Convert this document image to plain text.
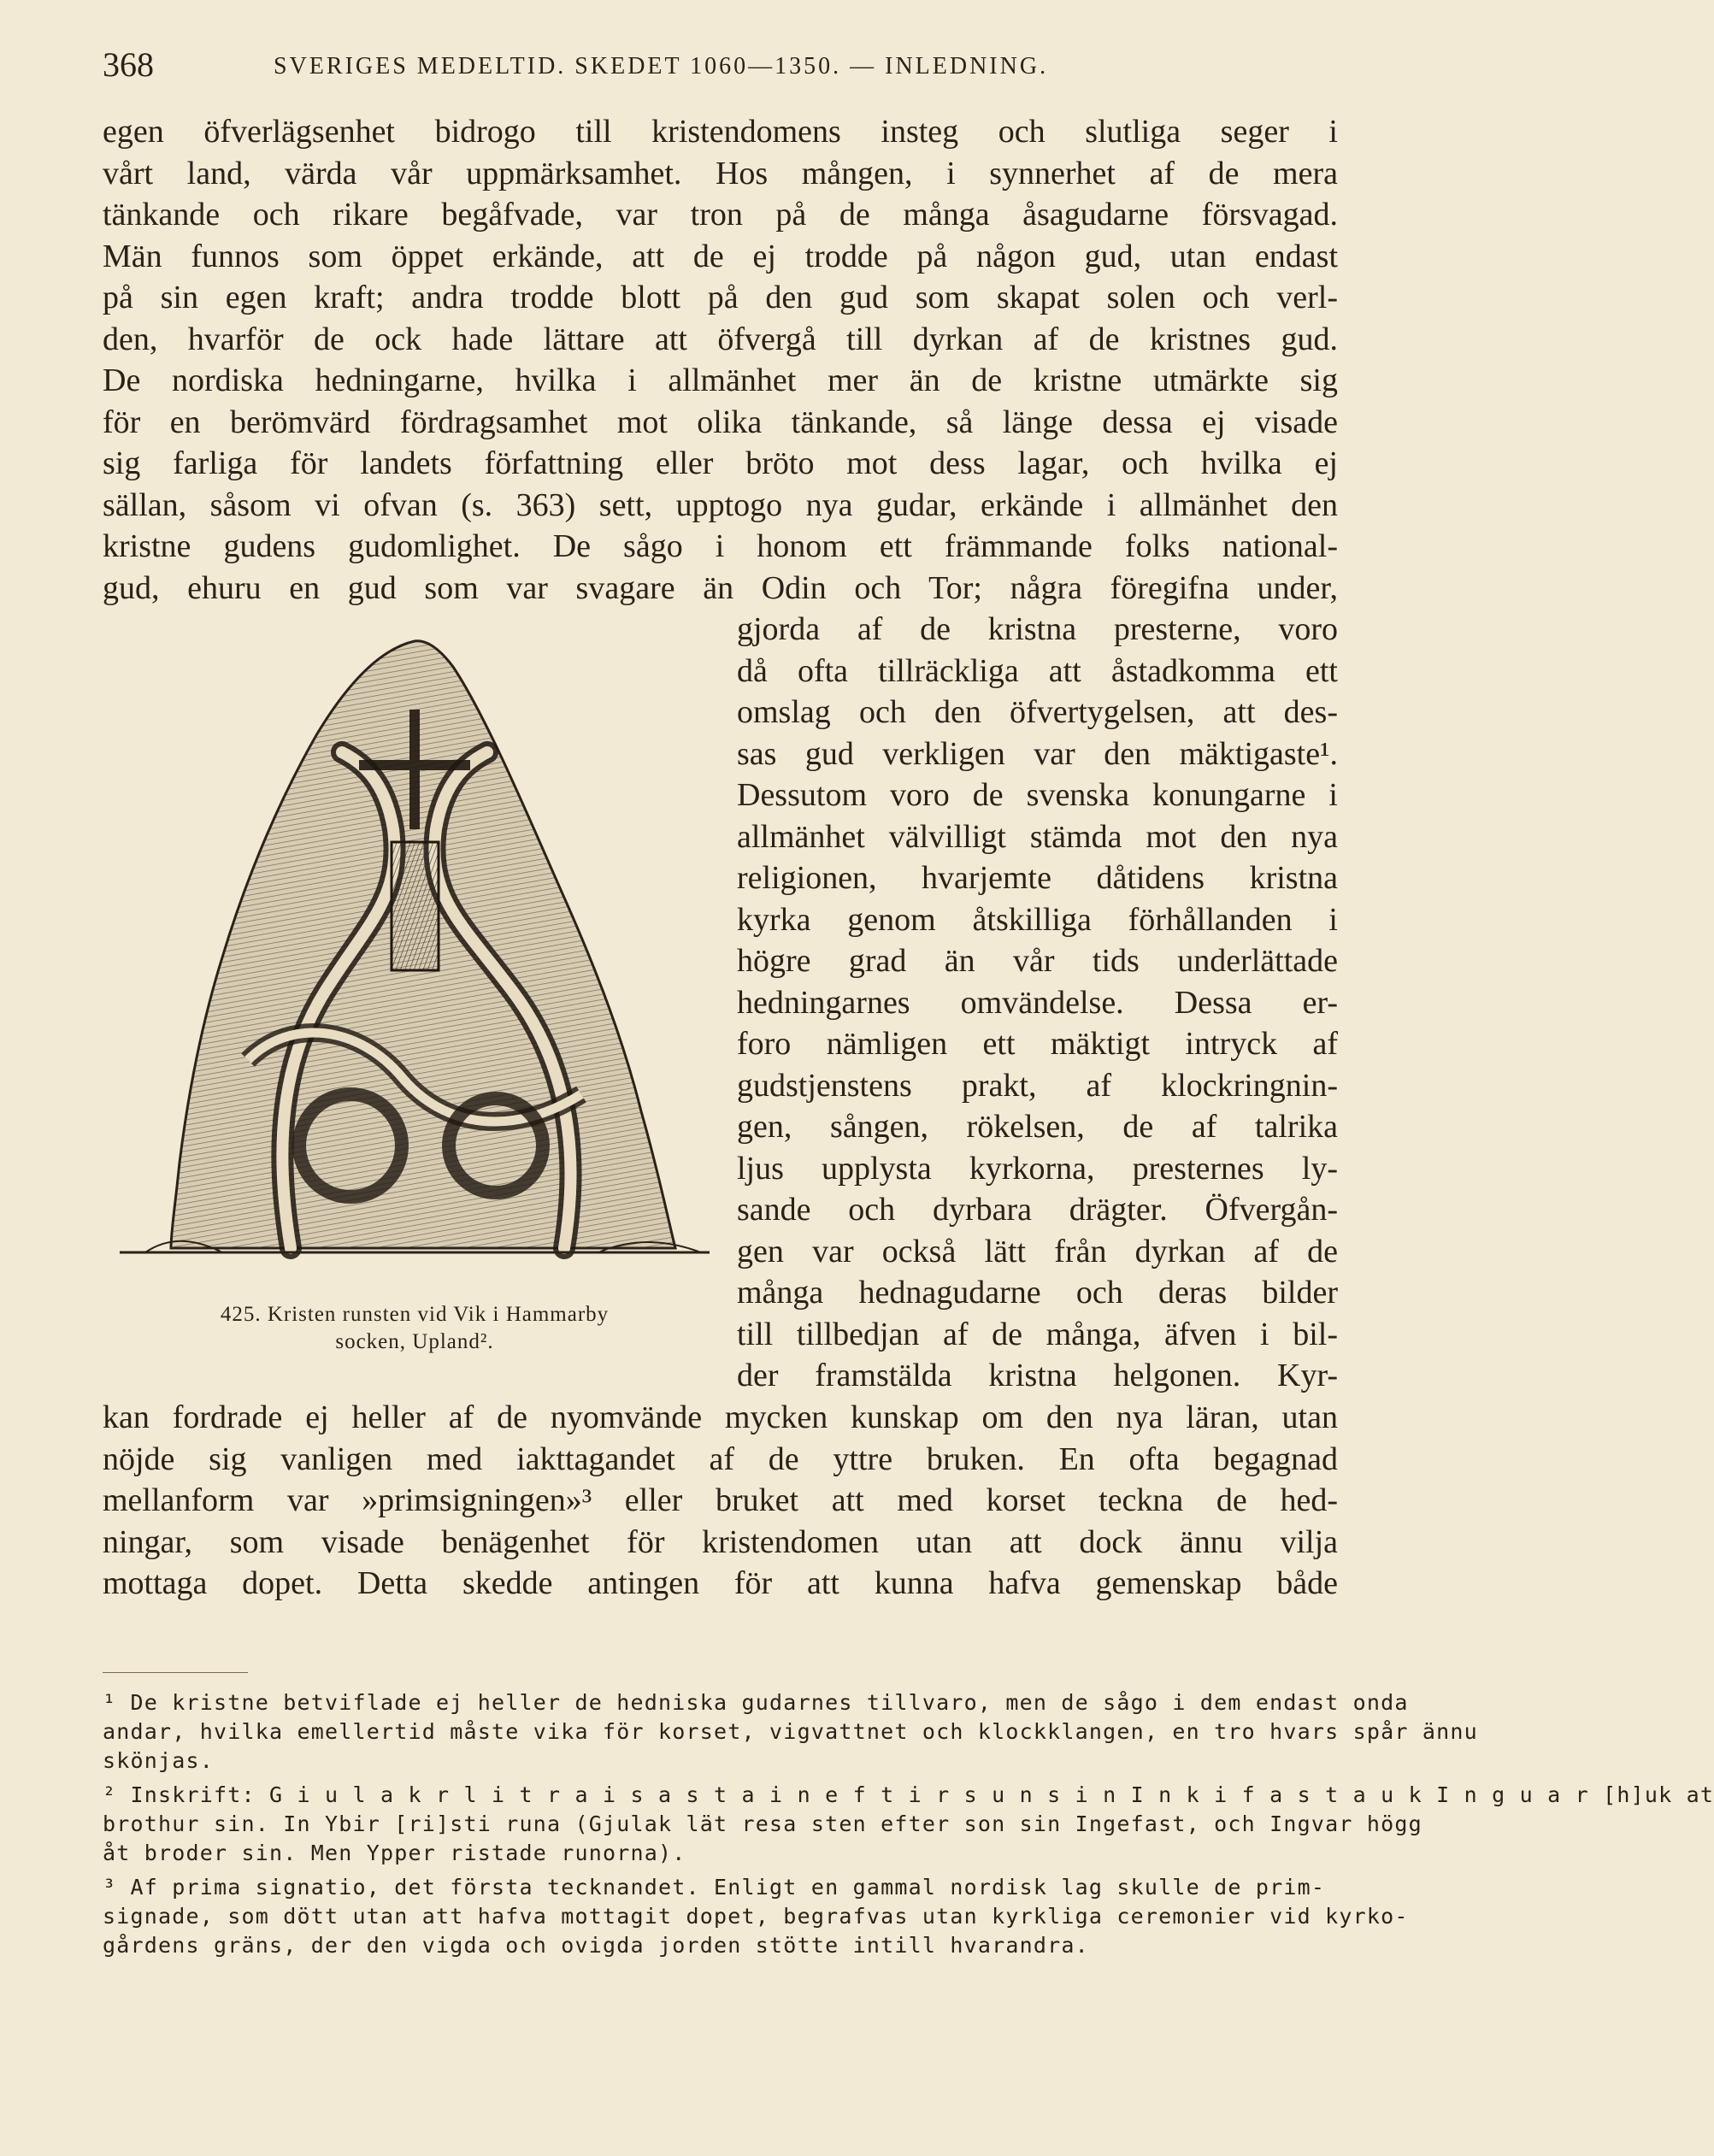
368	SVERIGES MEDELTID. SKEDET 1060—1350. — INLEDNING.
egen öfverlägsenhet bidrogo till kristendomens insteg och slutliga seger i
vårt land, värda vår uppmärksamhet. Hos mången, i synnerhet af de mera
tänkande och rikare begåfvade, var tron på de många åsagudarne försvagad.
Män funnos som öppet erkände, att de ej trodde på någon gud, utan endast
på sin egen kraft; andra trodde blott på den gud som skapat solen och verl-
den, hvarför de ock hade lättare att öfvergå till dyrkan af de kristnes gud.
De nordiska hedningarne, hvilka i allmänhet mer än de kristne utmärkte sig
för en berömvärd fördragsamhet mot olika tänkande, så länge dessa ej visade
sig farliga för landets författning eller bröto mot dess lagar, och hvilka ej
sällan, såsom vi ofvan (s. 363) sett, upptogo nya gudar, erkände i allmänhet den
kristne gudens gudomlighet. De sågo i honom ett främmande folks national-
gud, ehuru en gud som var svagare än Odin och Tor; några föregifna under,
425. Kristen runsten vid Vik i Hammarby
socken, Upland².
gjorda af de kristna presterne, voro
då ofta tillräckliga att åstadkomma ett
omslag och den öfvertygelsen, att des-
sas gud verkligen var den mäktigaste¹.
Dessutom voro de svenska konungarne i
allmänhet välvilligt stämda mot den nya
religionen, hvarjemte dåtidens kristna
kyrka genom åtskilliga förhållanden i
högre grad än vår tids underlättade
hedningarnes omvändelse. Dessa er-
foro nämligen ett mäktigt intryck af
gudstjenstens prakt, af klockringnin-
gen, sången, rökelsen, de af talrika
ljus upplysta kyrkorna, presternes ly-
sande och dyrbara drägter. Öfvergån-
gen var också lätt från dyrkan af de
många hednagudarne och deras bilder
till tillbedjan af de många, äfven i bil-
der framstälda kristna helgonen. Kyr-
kan fordrade ej heller af de nyomvände mycken kunskap om den nya läran, utan
nöjde sig vanligen med iakttagandet af de yttre bruken. En ofta begagnad
mellanform var »primsigningen»³ eller bruket att med korset teckna de hed-
ningar, som visade benägenhet för kristendomen utan att dock ännu vilja
mottaga dopet. Detta skedde antingen för att kunna hafva gemenskap både
¹ De kristne betviflade ej heller de hedniska gudarnes tillvaro, men de sågo i dem endast onda
andar, hvilka emellertid måste vika för korset, vigvattnet och klockklangen, en tro hvars spår ännu
skönjas.
² Inskrift: G i u l a k r l i t r a i s a s t a i n e f t i r s u n s i n I n k i f a s t a u k I n g u a r [h]uk at
brothur sin. In Ybir [ri]sti runa (Gjulak lät resa sten efter son sin Ingefast, och Ingvar högg
åt broder sin. Men Ypper ristade runorna).
³ Af prima signatio, det första tecknandet. Enligt en gammal nordisk lag skulle de prim-
signade, som dött utan att hafva mottagit dopet, begrafvas utan kyrkliga ceremonier vid kyrko-
gårdens gräns, der den vigda och ovigda jorden stötte intill hvarandra.
